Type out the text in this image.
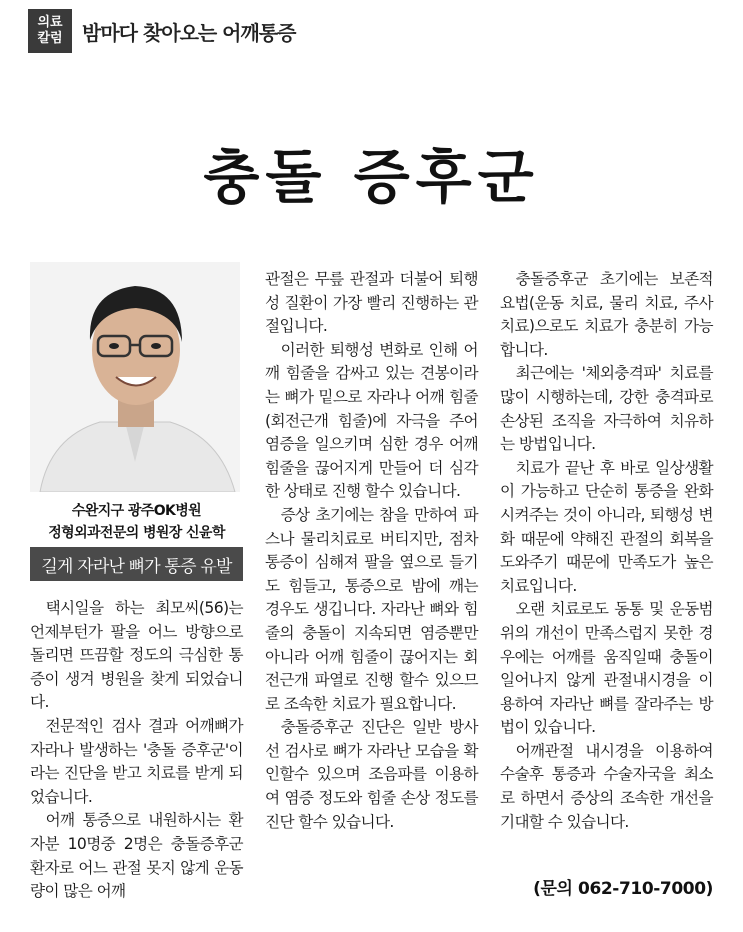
의료
칼럼 밤마다 찾아오는 어깨통증
충돌 증후군
수완지구 광주OK병원
정형외과전문의 병원장 신윤학
길게 자라난 뼈가 통증 유발

택시일을 하는 최모씨(56)는 언제부턴가 팔을 어느 방향으로 돌리면 뜨끔할 정도의 극심한 통증이 생겨 병원을 찾게 되었습니다.

전문적인 검사 결과 어깨뼈가 자라나 발생하는 '충돌 증후군'이라는 진단을 받고 치료를 받게 되었습니다.

어깨 통증으로 내원하시는 환자분 10명중 2명은 충돌증후군 환자로 어느 관절 못지 않게 운동량이 많은 어깨

관절은 무릎 관절과 더불어 퇴행성 질환이 가장 빨리 진행하는 관절입니다.

이러한 퇴행성 변화로 인해 어깨 힘줄을 감싸고 있는 견봉이라는 뼈가 밑으로 자라나 어깨 힘줄(회전근개 힘줄)에 자극을 주어 염증을 일으키며 심한 경우 어깨 힘줄을 끊어지게 만들어 더 심각한 상태로 진행 할수 있습니다.

증상 초기에는 참을 만하여 파스나 물리치료로 버티지만, 점차 통증이 심해져 팔을 옆으로 들기도 힘들고, 통증으로 밤에 깨는 경우도 생깁니다. 자라난 뼈와 힘줄의 충돌이 지속되면 염증뿐만 아니라 어깨 힘줄이 끊어지는 회전근개 파열로 진행 할수 있으므로 조속한 치료가 필요합니다.

충돌증후군 진단은 일반 방사선 검사로 뼈가 자라난 모습을 확인할수 있으며 조음파를 이용하여 염증 정도와 힘줄 손상 정도를 진단 할수 있습니다.

충돌증후군 초기에는 보존적 요법(운동 치료, 물리 치료, 주사 치료)으로도 치료가 충분히 가능합니다.

최근에는 '체외충격파' 치료를 많이 시행하는데, 강한 충격파로 손상된 조직을 자극하여 치유하는 방법입니다.

치료가 끝난 후 바로 일상생활이 가능하고 단순히 통증을 완화시켜주는 것이 아니라, 퇴행성 변화 때문에 약해진 관절의 회복을 도와주기 때문에 만족도가 높은 치료입니다.

오랜 치료로도 동통 및 운동범위의 개선이 만족스럽지 못한 경우에는 어깨를 움직일때 충돌이 일어나지 않게 관절내시경을 이용하여 자라난 뼈를 잘라주는 방법이 있습니다.

어깨관절 내시경을 이용하여 수술후 통증과 수술자국을 최소로 하면서 증상의 조속한 개선을 기대할 수 있습니다.

(문의 062-710-7000)
